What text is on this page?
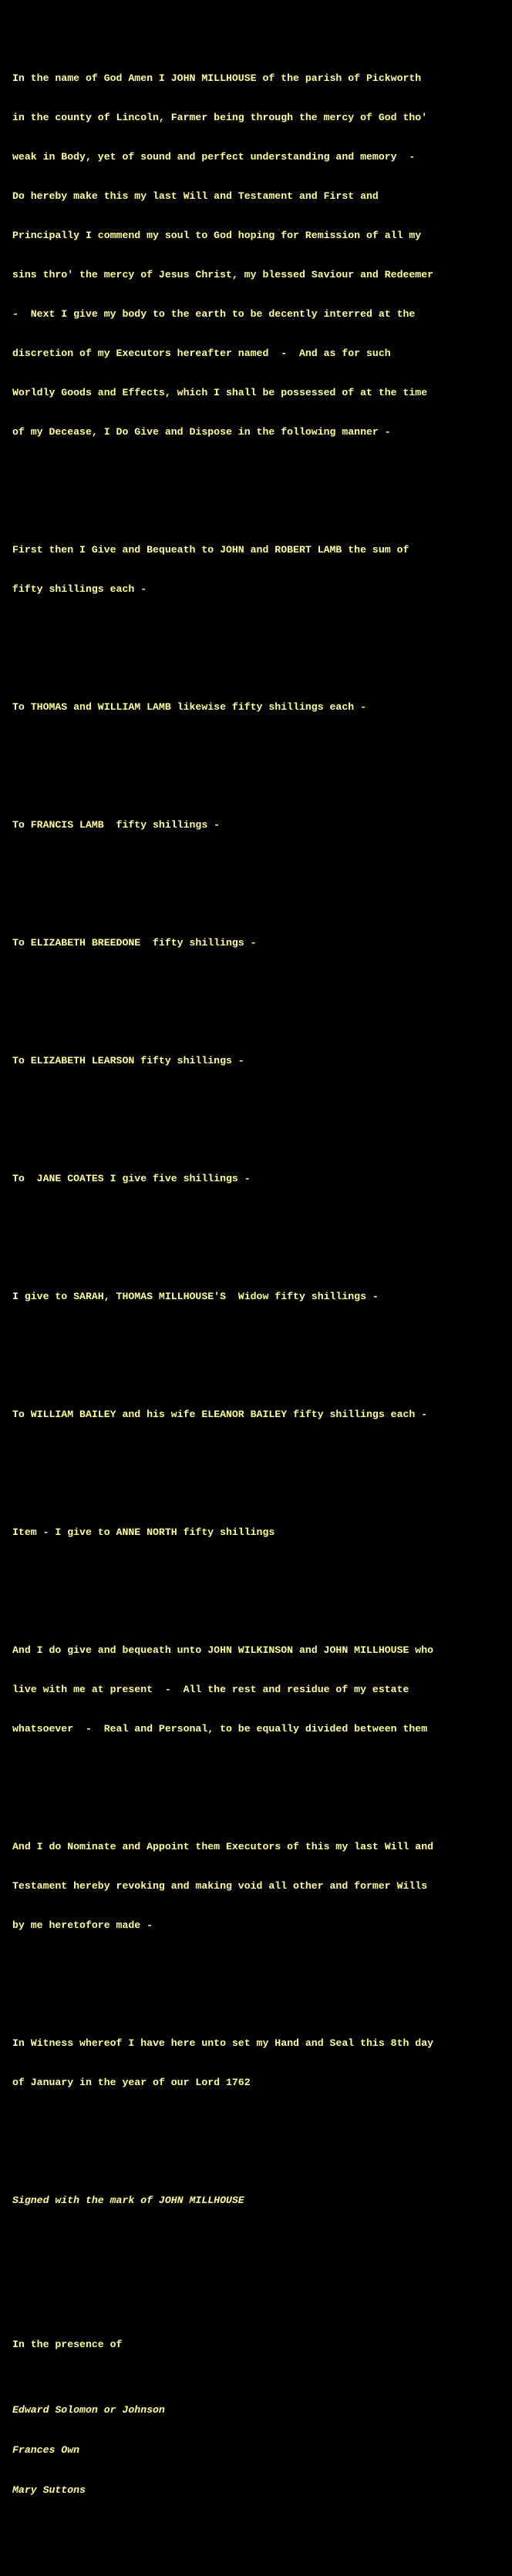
In the name of God Amen I JOHN MILLHOUSE of the parish of Pickworth

in the county of Lincoln, Farmer being through the mercy of God tho'

weak in Body, yet of sound and perfect understanding and memory  -

Do hereby make this my last Will and Testament and First and

Principally I commend my soul to God hoping for Remission of all my

sins thro' the mercy of Jesus Christ, my blessed Saviour and Redeemer

-  Next I give my body to the earth to be decently interred at the

discretion of my Executors hereafter named  -  And as for such

Worldly Goods and Effects, which I shall be possessed of at the time

of my Decease, I Do Give and Dispose in the following manner -

First then I Give and Bequeath to JOHN and ROBERT LAMB the sum of

fifty shillings each -

To THOMAS and WILLIAM LAMB likewise fifty shillings each -

To FRANCIS LAMB  fifty shillings -

To ELIZABETH BREEDONE  fifty shillings -

To ELIZABETH LEARSON fifty shillings -

To  JANE COATES I give five shillings -

I give to SARAH, THOMAS MILLHOUSE'S  Widow fifty shillings -

To WILLIAM BAILEY and his wife ELEANOR BAILEY fifty shillings each -

Item - I give to ANNE NORTH fifty shillings

And I do give and bequeath unto JOHN WILKINSON and JOHN MILLHOUSE who

live with me at present  -  All the rest and residue of my estate

whatsoever  -  Real and Personal, to be equally divided between them

And I do Nominate and Appoint them Executors of this my last Will and

Testament hereby revoking and making void all other and former Wills

by me heretofore made -

In Witness whereof I have here unto set my Hand and Seal this 8th day

of January in the year of our Lord 1762

Signed with the mark of JOHN MILLHOUSE

In the presence of

Edward Solomon or Johnson

Frances Own

Mary Suttons
